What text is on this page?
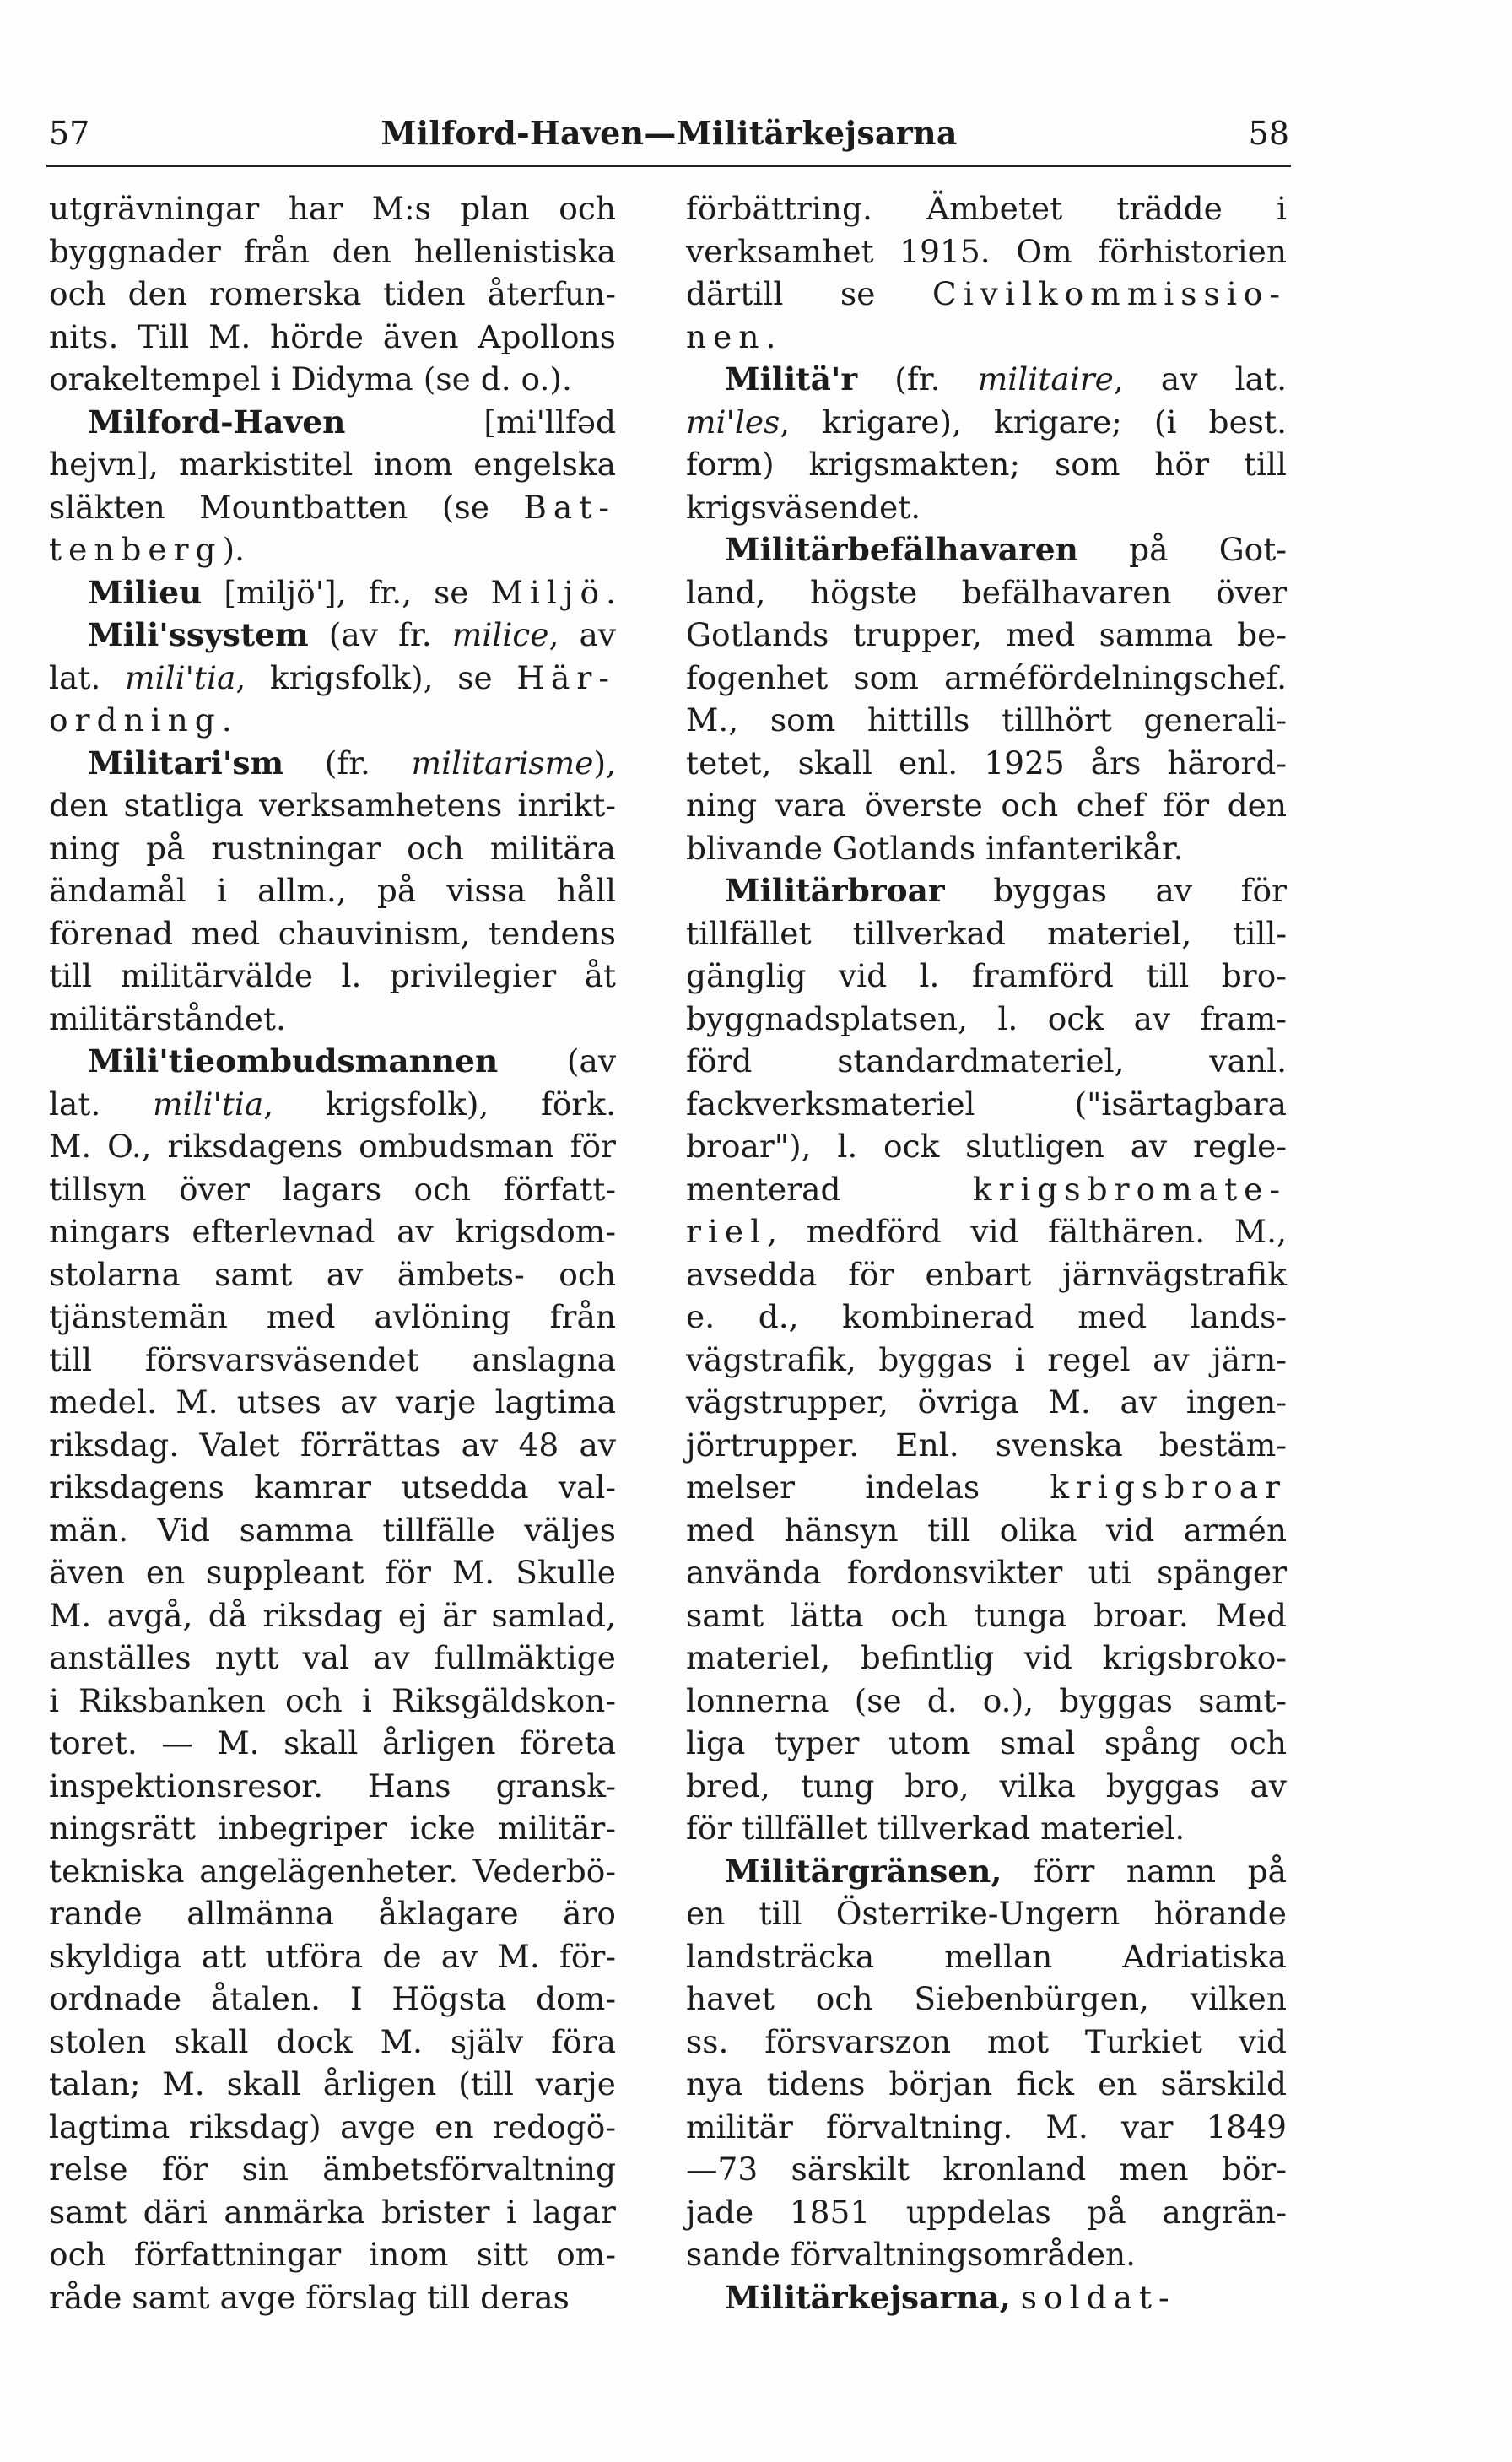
57	Milford-Haven—Militärkejsarna	58
utgrävningar har M:s plan och
byggnader från den hellenistiska
och den romerska tiden återfun-
nits. Till M. hörde även Apollons
orakeltempel i Didyma (se d. o.).
Milford-Haven [mi'llfəd
hejvn], markistitel inom engelska
släkten Mountbatten (se Bat-
tenberg).
Milieu [miljö'], fr., se Miljö.
Mili'ssystem (av fr. milice, av
lat. mili'tia, krigsfolk), se Här-
ordning.
Militari'sm (fr. militarisme),
den statliga verksamhetens inrikt-
ning på rustningar och militära
ändamål i allm., på vissa håll
förenad med chauvinism, tendens
till militärvälde l. privilegier åt
militärståndet.
Mili'tieombudsmannen (av
lat. mili'tia, krigsfolk), förk.
M. O., riksdagens ombudsman för
tillsyn över lagars och författ-
ningars efterlevnad av krigsdom-
stolarna samt av ämbets- och
tjänstemän med avlöning från
till försvarsväsendet anslagna
medel. M. utses av varje lagtima
riksdag. Valet förrättas av 48 av
riksdagens kamrar utsedda val-
män. Vid samma tillfälle väljes
även en suppleant för M. Skulle
M. avgå, då riksdag ej är samlad,
anställes nytt val av fullmäktige
i Riksbanken och i Riksgäldskon-
toret. — M. skall årligen företa
inspektionsresor. Hans gransk-
ningsrätt inbegriper icke militär-
tekniska angelägenheter. Vederbö-
rande allmänna åklagare äro
skyldiga att utföra de av M. för-
ordnade åtalen. I Högsta dom-
stolen skall dock M. själv föra
talan; M. skall årligen (till varje
lagtima riksdag) avge en redogö-
relse för sin ämbetsförvaltning
samt däri anmärka brister i lagar
och författningar inom sitt om-
råde samt avge förslag till deras
förbättring. Ämbetet trädde i
verksamhet 1915. Om förhistorien
därtill se Civilkommissio-
nen.
Militä'r (fr. militaire, av lat.
mi'les, krigare), krigare; (i best.
form) krigsmakten; som hör till
krigsväsendet.
Militärbefälhavaren på Got-
land, högste befälhavaren över
Gotlands trupper, med samma be-
fogenhet som arméfördelningschef.
M., som hittills tillhört generali-
tetet, skall enl. 1925 års härord-
ning vara överste och chef för den
blivande Gotlands infanterikår.
Militärbroar byggas av för
tillfället tillverkad materiel, till-
gänglig vid l. framförd till bro-
byggnadsplatsen, l. ock av fram-
förd standardmateriel, vanl.
fackverksmateriel ("isärtagbara
broar"), l. ock slutligen av regle-
menterad krigsbromate-
riel, medförd vid fälthären. M.,
avsedda för enbart järnvägstrafik
e. d., kombinerad med lands-
vägstrafik, byggas i regel av järn-
vägstrupper, övriga M. av ingen-
jörtrupper. Enl. svenska bestäm-
melser indelas krigsbroar
med hänsyn till olika vid armén
använda fordonsvikter uti spänger
samt lätta och tunga broar. Med
materiel, befintlig vid krigsbroko-
lonnerna (se d. o.), byggas samt-
liga typer utom smal spång och
bred, tung bro, vilka byggas av
för tillfället tillverkad materiel.
Militärgränsen, förr namn på
en till Österrike-Ungern hörande
landsträcka mellan Adriatiska
havet och Siebenbürgen, vilken
ss. försvarszon mot Turkiet vid
nya tidens början fick en särskild
militär förvaltning. M. var 1849
—73 särskilt kronland men bör-
jade 1851 uppdelas på angrän-
sande förvaltningsområden.
Militärkejsarna, soldat-
